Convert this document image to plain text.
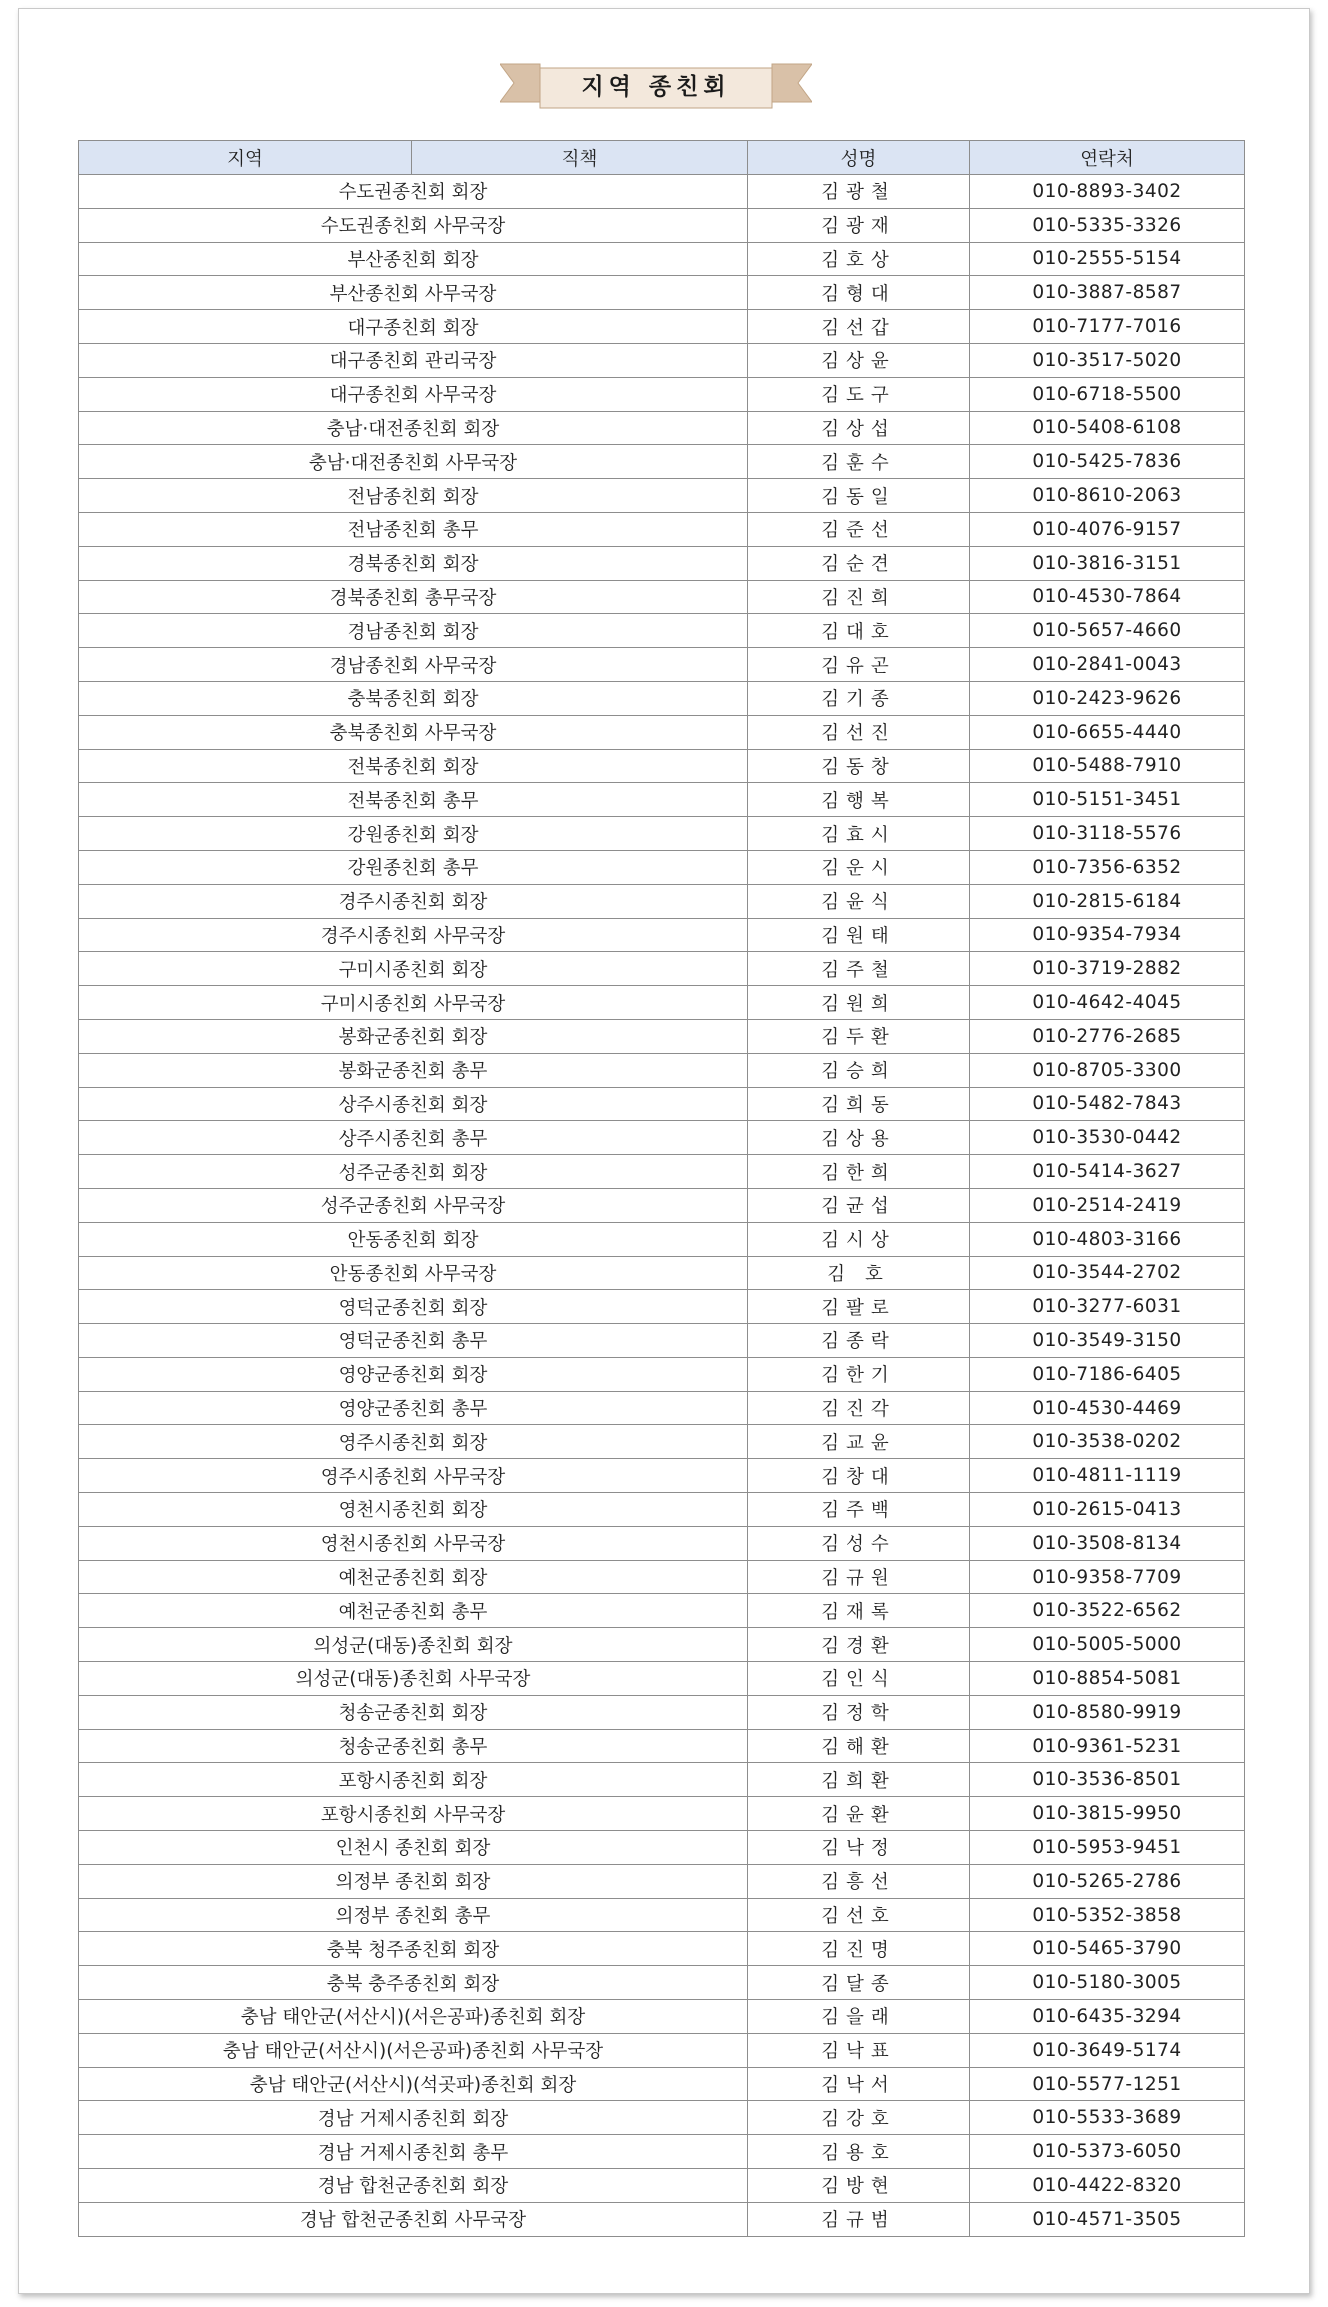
지역 종친회
지역	직책	성명	연락처
수도권종친회 회장		김광철	010-8893-3402
수도권종친회 사무국장		김광재	010-5335-3326
부산종친회 회장		김호상	010-2555-5154
부산종친회 사무국장		김형대	010-3887-8587
대구종친회 회장		김선갑	010-7177-7016
대구종친회 관리국장		김상윤	010-3517-5020
대구종친회 사무국장		김도구	010-6718-5500
충남·대전종친회 회장		김상섭	010-5408-6108
충남·대전종친회 사무국장		김훈수	010-5425-7836
전남종친회 회장		김동일	010-8610-2063
전남종친회 총무		김준선	010-4076-9157
경북종친회 회장		김순견	010-3816-3151
경북종친회 총무국장		김진희	010-4530-7864
경남종친회 회장		김대호	010-5657-4660
경남종친회 사무국장		김유곤	010-2841-0043
충북종친회 회장		김기종	010-2423-9626
충북종친회 사무국장		김선진	010-6655-4440
전북종친회 회장		김동창	010-5488-7910
전북종친회 총무		김행복	010-5151-3451
강원종친회 회장		김효시	010-3118-5576
강원종친회 총무		김운시	010-7356-6352
경주시종친회 회장		김윤식	010-2815-6184
경주시종친회 사무국장		김원태	010-9354-7934
구미시종친회 회장		김주철	010-3719-2882
구미시종친회 사무국장		김원희	010-4642-4045
봉화군종친회 회장		김두환	010-2776-2685
봉화군종친회 총무		김승희	010-8705-3300
상주시종친회 회장		김희동	010-5482-7843
상주시종친회 총무		김상용	010-3530-0442
성주군종친회 회장		김한희	010-5414-3627
성주군종친회 사무국장		김균섭	010-2514-2419
안동종친회 회장		김시상	010-4803-3166
안동종친회 사무국장		김 호	010-3544-2702
영덕군종친회 회장		김팔로	010-3277-6031
영덕군종친회 총무		김종락	010-3549-3150
영양군종친회 회장		김한기	010-7186-6405
영양군종친회 총무		김진각	010-4530-4469
영주시종친회 회장		김교윤	010-3538-0202
영주시종친회 사무국장		김창대	010-4811-1119
영천시종친회 회장		김주백	010-2615-0413
영천시종친회 사무국장		김성수	010-3508-8134
예천군종친회 회장		김규원	010-9358-7709
예천군종친회 총무		김재록	010-3522-6562
의성군(대동)종친회 회장		김경환	010-5005-5000
의성군(대동)종친회 사무국장		김인식	010-8854-5081
청송군종친회 회장		김정학	010-8580-9919
청송군종친회 총무		김해환	010-9361-5231
포항시종친회 회장		김희환	010-3536-8501
포항시종친회 사무국장		김윤환	010-3815-9950
인천시 종친회 회장		김낙정	010-5953-9451
의정부 종친회 회장		김흥선	010-5265-2786
의정부 종친회 총무		김선호	010-5352-3858
충북 청주종친회 회장		김진명	010-5465-3790
충북 충주종친회 회장		김달종	010-5180-3005
충남 태안군(서산시)(서은공파)종친회 회장		김을래	010-6435-3294
충남 태안군(서산시)(서은공파)종친회 사무국장		김낙표	010-3649-5174
충남 태안군(서산시)(석곳파)종친회 회장		김낙서	010-5577-1251
경남 거제시종친회 회장		김강호	010-5533-3689
경남 거제시종친회 총무		김용호	010-5373-6050
경남 합천군종친회 회장		김방현	010-4422-8320
경남 합천군종친회 사무국장		김규범	010-4571-3505
